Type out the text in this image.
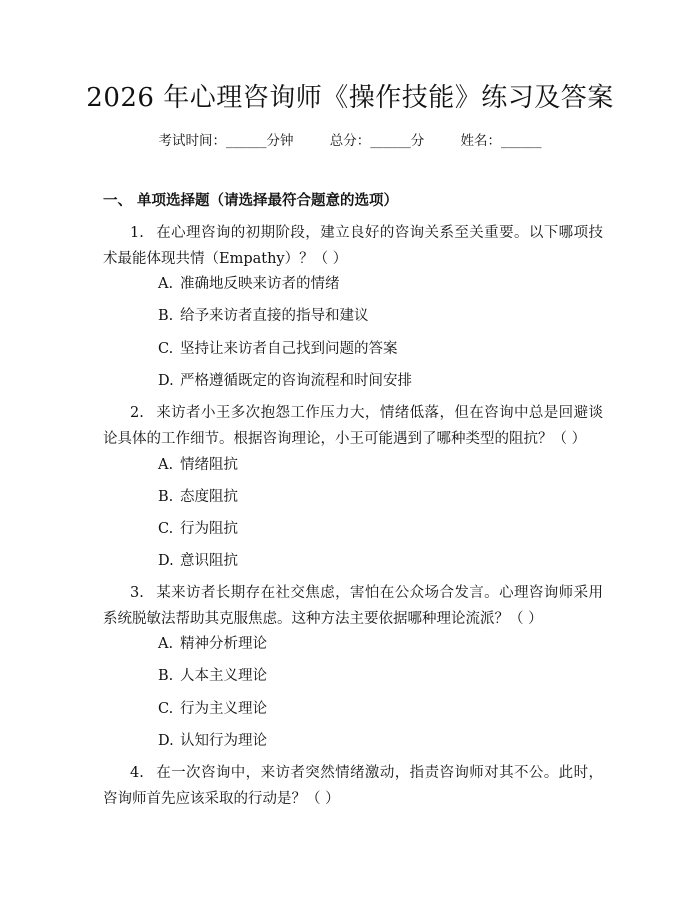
2026 年心理咨询师《操作技能》练习及答案
考试时间：______分钟	总分：______分	姓名：______
一、 单项选择题（请选择最符合题意的选项）
1. 在心理咨询的初期阶段，建立良好的咨询关系至关重要。以下哪项技术最能体现共情（Empathy）？（ ）
A. 准确地反映来访者的情绪
B. 给予来访者直接的指导和建议
C. 坚持让来访者自己找到问题的答案
D. 严格遵循既定的咨询流程和时间安排
2. 来访者小王多次抱怨工作压力大，情绪低落，但在咨询中总是回避谈论具体的工作细节。根据咨询理论，小王可能遇到了哪种类型的阻抗？（ ）
A. 情绪阻抗
B. 态度阻抗
C. 行为阻抗
D. 意识阻抗
3. 某来访者长期存在社交焦虑，害怕在公众场合发言。心理咨询师采用系统脱敏法帮助其克服焦虑。这种方法主要依据哪种理论流派？（ ）
A. 精神分析理论
B. 人本主义理论
C. 行为主义理论
D. 认知行为理论
4. 在一次咨询中，来访者突然情绪激动，指责咨询师对其不公。此时，咨询师首先应该采取的行动是？（ ）
